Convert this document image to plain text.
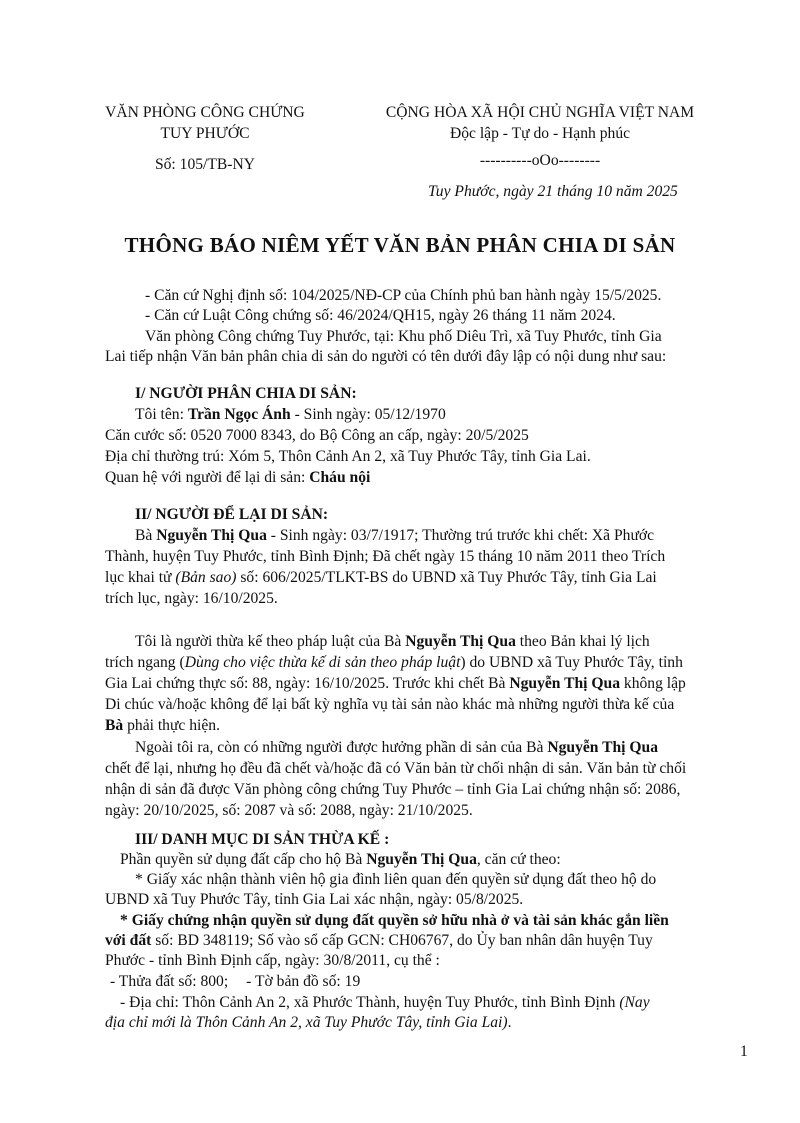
VĂN PHÒNG CÔNG CHỨNG
TUY PHƯỚC
Số: 105/TB-NY
CỘNG HÒA XÃ HỘI CHỦ NGHĨA VIỆT NAM
Độc lập - Tự do - Hạnh phúc
----------oOo--------
Tuy Phước, ngày 21 tháng 10 năm 2025
THÔNG BÁO NIÊM YẾT VĂN BẢN PHÂN CHIA DI SẢN
- Căn cứ Nghị định số: 104/2025/NĐ-CP của Chính phủ ban hành ngày 15/5/2025.
- Căn cứ Luật Công chứng số: 46/2024/QH15, ngày 26 tháng 11 năm 2024.
Văn phòng Công chứng Tuy Phước, tại: Khu phố Diêu Trì, xã Tuy Phước, tỉnh Gia
Lai tiếp nhận Văn bản phân chia di sản do người có tên dưới đây lập có nội dung như sau:
I/ NGƯỜI PHÂN CHIA DI SẢN:
Tôi tên: Trần Ngọc Ánh - Sinh ngày: 05/12/1970
Căn cước số: 0520 7000 8343, do Bộ Công an cấp, ngày: 20/5/2025
Địa chỉ thường trú: Xóm 5, Thôn Cảnh An 2, xã Tuy Phước Tây, tỉnh Gia Lai.
Quan hệ với người để lại di sản: Cháu nội
II/ NGƯỜI ĐỂ LẠI DI SẢN:
Bà Nguyễn Thị Qua - Sinh ngày: 03/7/1917; Thường trú trước khi chết: Xã Phước
Thành, huyện Tuy Phước, tỉnh Bình Định; Đã chết ngày 15 tháng 10 năm 2011 theo Trích
lục khai tử (Bản sao) số: 606/2025/TLKT-BS do UBND xã Tuy Phước Tây, tỉnh Gia Lai
trích lục, ngày: 16/10/2025.
Tôi là người thừa kế theo pháp luật của Bà Nguyễn Thị Qua theo Bản khai lý lịch
trích ngang (Dùng cho việc thừa kế di sản theo pháp luật) do UBND xã Tuy Phước Tây, tỉnh
Gia Lai chứng thực số: 88, ngày: 16/10/2025. Trước khi chết Bà Nguyễn Thị Qua không lập
Di chúc và/hoặc không để lại bất kỳ nghĩa vụ tài sản nào khác mà những người thừa kế của
Bà phải thực hiện.
Ngoài tôi ra, còn có những người được hưởng phần di sản của Bà Nguyễn Thị Qua
chết để lại, nhưng họ đều đã chết và/hoặc đã có Văn bản từ chối nhận di sản. Văn bản từ chối
nhận di sản đã được Văn phòng công chứng Tuy Phước – tỉnh Gia Lai chứng nhận số: 2086,
ngày: 20/10/2025, số: 2087 và số: 2088, ngày: 21/10/2025.
III/ DANH MỤC DI SẢN THỪA KẾ :
Phần quyền sử dụng đất cấp cho hộ Bà Nguyễn Thị Qua, căn cứ theo:
* Giấy xác nhận thành viên hộ gia đình liên quan đến quyền sử dụng đất theo hộ do
UBND xã Tuy Phước Tây, tỉnh Gia Lai xác nhận, ngày: 05/8/2025.
* Giấy chứng nhận quyền sử dụng đất quyền sở hữu nhà ở và tài sản khác gắn liền
với đất số: BD 348119; Số vào sổ cấp GCN: CH06767, do Ủy ban nhân dân huyện Tuy
Phước - tỉnh Bình Định cấp, ngày: 30/8/2011, cụ thể :
- Thửa đất số: 800; - Tờ bản đồ số: 19
- Địa chỉ: Thôn Cảnh An 2, xã Phước Thành, huyện Tuy Phước, tỉnh Bình Định (Nay
địa chỉ mới là Thôn Cảnh An 2, xã Tuy Phước Tây, tỉnh Gia Lai).
1
